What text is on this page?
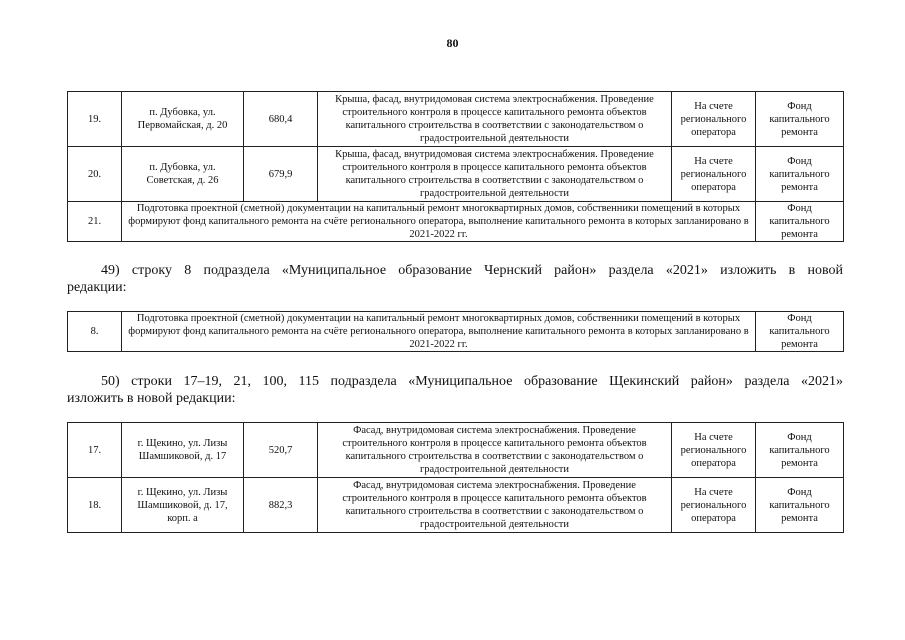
80
19.	п. Дубовка, ул. Первомайская, д. 20	680,4	Крыша, фасад, внутридомовая система электроснабжения. Проведение строительного контроля в процессе капитального ремонта объектов капитального строительства в соответствии с законодательством о градостроительной деятельности	На счете регионального оператора	Фонд капитального ремонта
20.	п. Дубовка, ул. Советская, д. 26	679,9	Крыша, фасад, внутридомовая система электроснабжения. Проведение строительного контроля в процессе капитального ремонта объектов капитального строительства в соответствии с законодательством о градостроительной деятельности	На счете регионального оператора	Фонд капитального ремонта
21.	Подготовка проектной (сметной) документации на капитальный ремонт многоквартирных домов, собственники помещений в которых формируют фонд капитального ремонта на счёте регионального оператора, выполнение капитального ремонта в которых запланировано в 2021-2022 гг.				Фонд капитального ремонта
49) строку 8 подраздела «Муниципальное образование Чернский район» раздела «2021» изложить в новой
редакции:
8.	Подготовка проектной (сметной) документации на капитальный ремонт многоквартирных домов, собственники помещений в которых формируют фонд капитального ремонта на счёте регионального оператора, выполнение капитального ремонта в которых запланировано в 2021-2022 гг.	Фонд капитального ремонта
50) строки 17–19, 21, 100, 115 подраздела «Муниципальное образование Щекинский район» раздела «2021»
изложить в новой редакции:
17.	г. Щекино, ул. Лизы Шамшиковой, д. 17	520,7	Фасад, внутридомовая система электроснабжения. Проведение строительного контроля в процессе капитального ремонта объектов капитального строительства в соответствии с законодательством о градостроительной деятельности	На счете регионального оператора	Фонд капитального ремонта
18.	г. Щекино, ул. Лизы Шамшиковой, д. 17, корп. а	882,3	Фасад, внутридомовая система электроснабжения. Проведение строительного контроля в процессе капитального ремонта объектов капитального строительства в соответствии с законодательством о градостроительной деятельности	На счете регионального оператора	Фонд капитального ремонта
